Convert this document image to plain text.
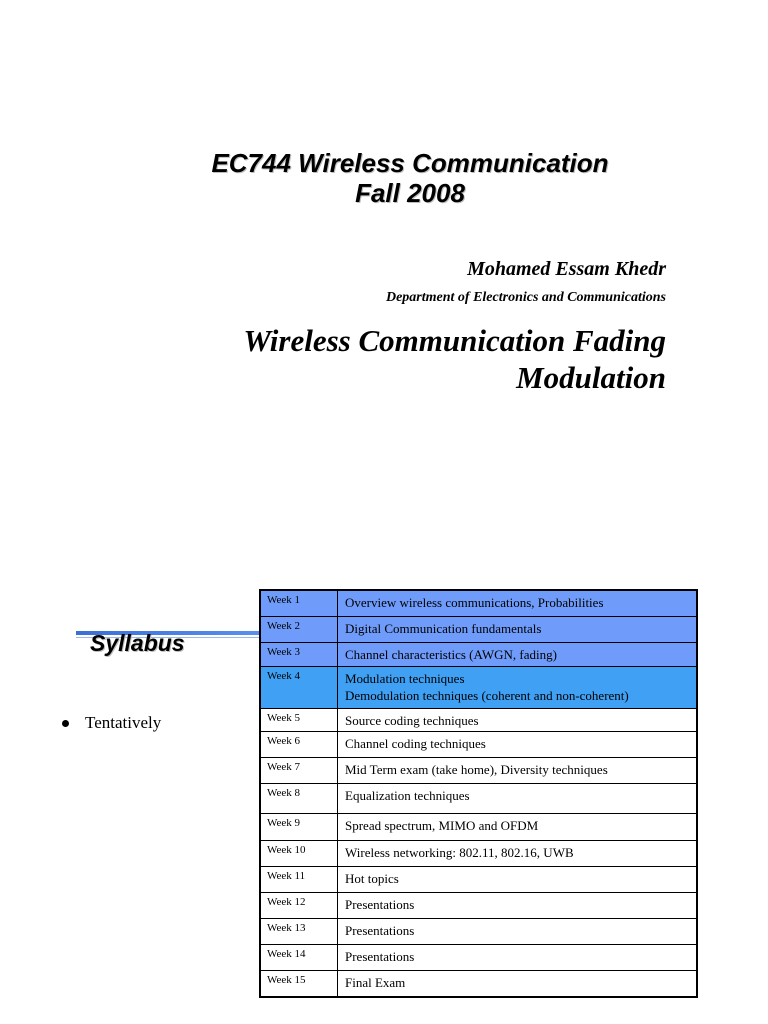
EC744 Wireless Communication
Fall 2008
Mohamed Essam Khedr
Department of Electronics and Communications
Wireless Communication Fading
Modulation
Syllabus
Tentatively
Week 1	Overview wireless communications, Probabilities

Week 2	Digital Communication fundamentals

Week 3	Channel characteristics (AWGN, fading)

Week 4	Modulation techniques
Demodulation techniques (coherent and non-coherent)

Week 5	Source coding techniques

Week 6	Channel coding techniques

Week 7	Mid Term exam (take home), Diversity techniques

Week 8	Equalization techniques

Week 9	Spread spectrum, MIMO and OFDM

Week 10	Wireless networking: 802.11, 802.16, UWB

Week 11	Hot topics

Week 12	Presentations

Week 13	Presentations

Week 14	Presentations

Week 15	Final Exam
